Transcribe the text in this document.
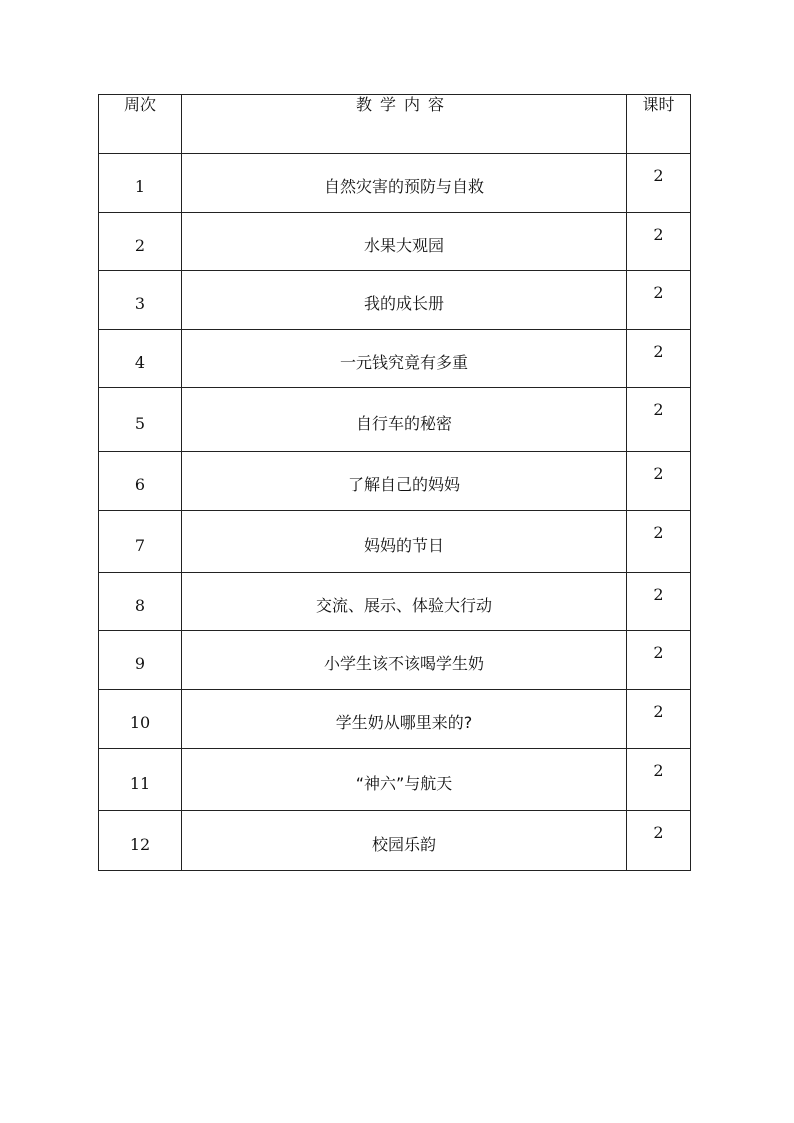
周次	教学内容	课时
1	自然灾害的预防与自救	2
2	水果大观园	2
3	我的成长册	2
4	一元钱究竟有多重	2
5	自行车的秘密	2
6	了解自己的妈妈	2
7	妈妈的节日	2
8	交流、展示、体验大行动	2
9	小学生该不该喝学生奶	2
10	学生奶从哪里来的?	2
11	“神六”与航天	2
12	校园乐韵	2
